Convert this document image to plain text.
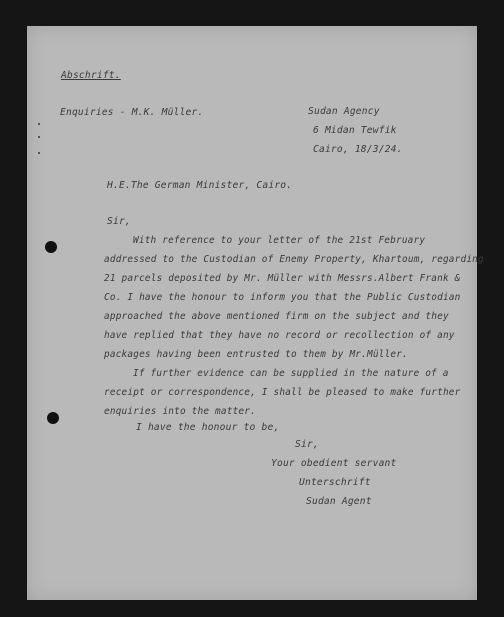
Abschrift.
Enquiries - M.K. Müller.	Sudan Agency
6 Midan Tewfik
Cairo, 18/3/24.
H.E.The German Minister, Cairo.
Sir,
With reference to your letter of the 21st February
addressed to the Custodian of Enemy Property, Khartoum, regarding
21 parcels deposited by Mr. Müller with Messrs.Albert Frank &
Co. I have the honour to inform you that the Public Custodian
approached the above mentioned firm on the subject and they
have replied that they have no record or recollection of any
packages having been entrusted to them by Mr.Müller.
If further evidence can be supplied in the nature of a
receipt or correspondence, I shall be pleased to make further
enquiries into the matter.
I have the honour to be,
Sir,
Your obedient servant
Unterschrift
Sudan Agent
